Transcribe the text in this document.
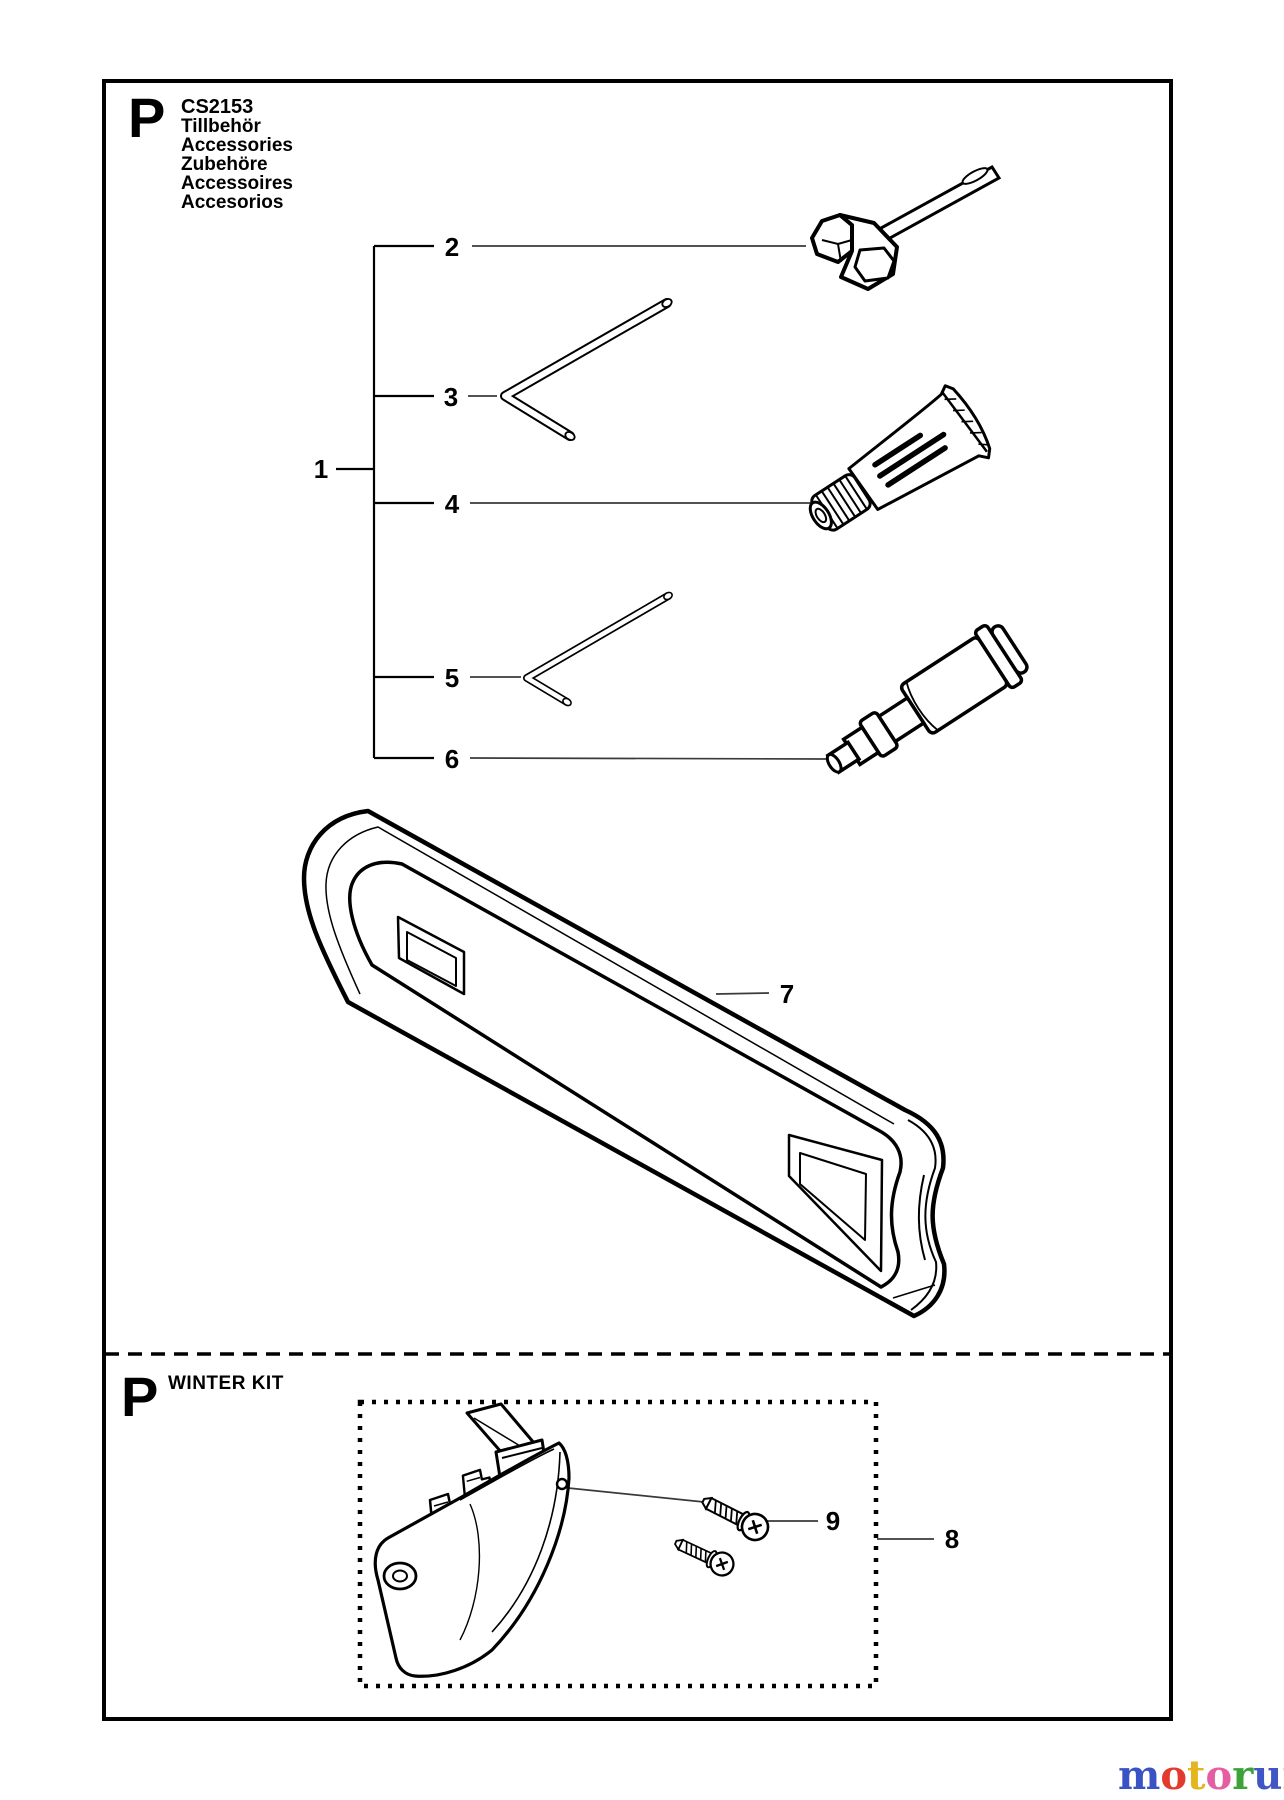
P CS2153
Tillbehör
Accessories
Zubehöre
Accessoires
Accesorios
1
2
3
4
5
6
7
8
9
P WINTER KIT
motoru
